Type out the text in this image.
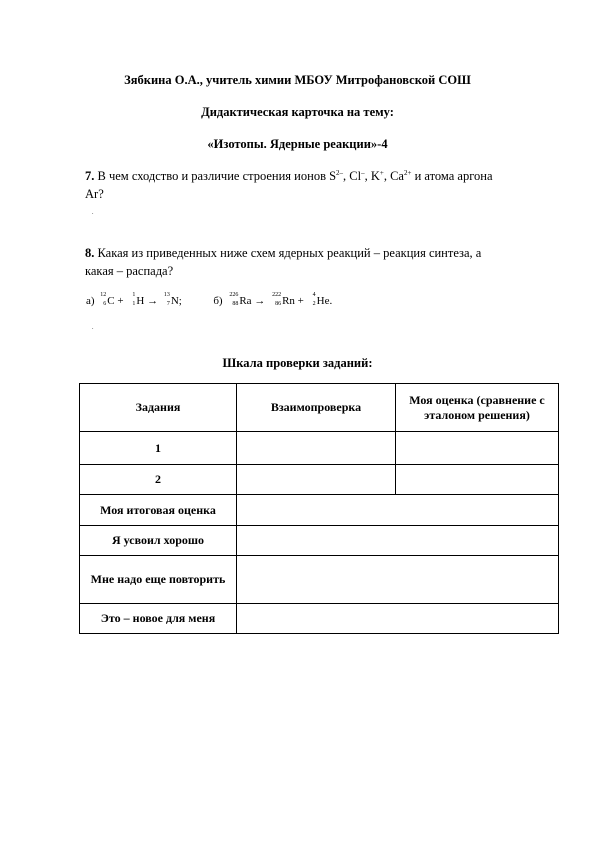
Зябкина О.А., учитель химии МБОУ Митрофановской СОШ
Дидактическая карточка на тему:
«Изотопы. Ядерные реакции»-4
7. В чем сходство и различие строения ионов $S^{2-}$, Cl–, K+, $Ca^{2+}$ и атома аргона
Ar?
.
8. Какая из приведенных ниже схем ядерных реакций – реакция синтеза, а
какая – распада?
а) 12
6 C + 1
1 H → 13
7 N;	б) 226
88 Ra → 222
86 Rn + 4
2 He.
.
Шкала проверки заданий:
Задания	Взаимопроверка	Моя оценка (сравнение с эталоном решения)
1		
2		
Моя итоговая оценка		
Я усвоил хорошо		
Мне надо еще повторить		
Это – новое для меня		
